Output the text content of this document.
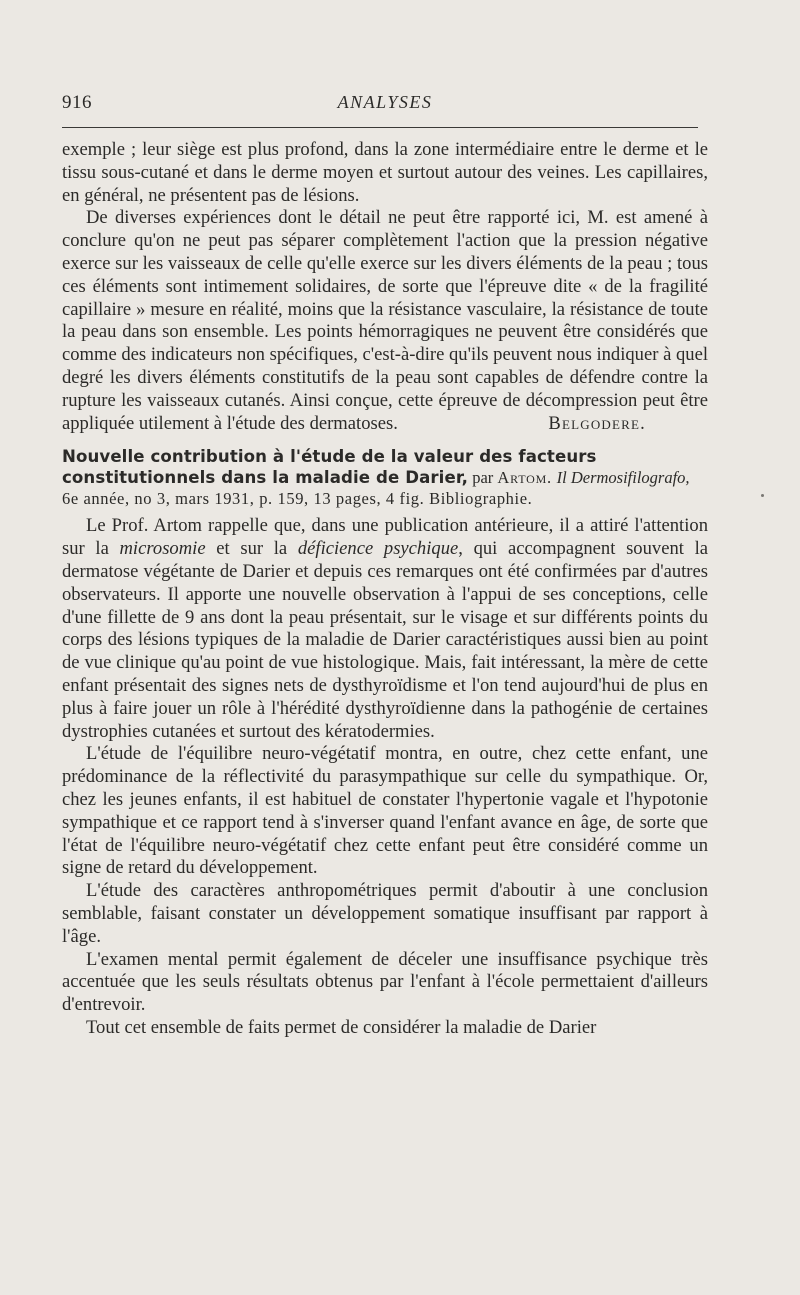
916	ANALYSES

exemple ; leur siège est plus profond, dans la zone intermédiaire entre le derme et le tissu sous-cutané et dans le derme moyen et surtout autour des veines. Les capillaires, en général, ne présentent pas de lésions.

De diverses expériences dont le détail ne peut être rapporté ici, M. est amené à conclure qu'on ne peut pas séparer complètement l'action que la pression négative exerce sur les vaisseaux de celle qu'elle exerce sur les divers éléments de la peau ; tous ces éléments sont intimement solidaires, de sorte que l'épreuve dite « de la fragilité capillaire » mesure en réalité, moins que la résistance vasculaire, la résistance de toute la peau dans son ensemble. Les points hémorragiques ne peuvent être considérés que comme des indicateurs non spécifiques, c'est-à-dire qu'ils peuvent nous indiquer à quel degré les divers éléments constitutifs de la peau sont capables de défendre contre la rupture les vaisseaux cutanés. Ainsi conçue, cette épreuve de décompression peut être appliquée utilement à l'étude des dermatoses.	Belgodere.

Nouvelle contribution à l'étude de la valeur des facteurs constitutionnels dans la maladie de Darier, par Artom. Il Dermosifilografo, 6e année, no 3, mars 1931, p. 159, 13 pages, 4 fig. Bibliographie.

Le Prof. Artom rappelle que, dans une publication antérieure, il a attiré l'attention sur la microsomie et sur la déficience psychique, qui accompagnent souvent la dermatose végétante de Darier et depuis ces remarques ont été confirmées par d'autres observateurs. Il apporte une nouvelle observation à l'appui de ses conceptions, celle d'une fillette de 9 ans dont la peau présentait, sur le visage et sur différents points du corps des lésions typiques de la maladie de Darier caractéristiques aussi bien au point de vue clinique qu'au point de vue histologique. Mais, fait intéressant, la mère de cette enfant présentait des signes nets de dysthyroïdisme et l'on tend aujourd'hui de plus en plus à faire jouer un rôle à l'hérédité dysthyroïdienne dans la pathogénie de certaines dystrophies cutanées et surtout des kératodermies.

L'étude de l'équilibre neuro-végétatif montra, en outre, chez cette enfant, une prédominance de la réflectivité du parasympathique sur celle du sympathique. Or, chez les jeunes enfants, il est habituel de constater l'hypertonie vagale et l'hypotonie sympathique et ce rapport tend à s'inverser quand l'enfant avance en âge, de sorte que l'état de l'équilibre neuro-végétatif chez cette enfant peut être considéré comme un signe de retard du développement.

L'étude des caractères anthropométriques permit d'aboutir à une conclusion semblable, faisant constater un développement somatique insuffisant par rapport à l'âge.

L'examen mental permit également de déceler une insuffisance psychique très accentuée que les seuls résultats obtenus par l'enfant à l'école permettaient d'ailleurs d'entrevoir.

Tout cet ensemble de faits permet de considérer la maladie de Darier
